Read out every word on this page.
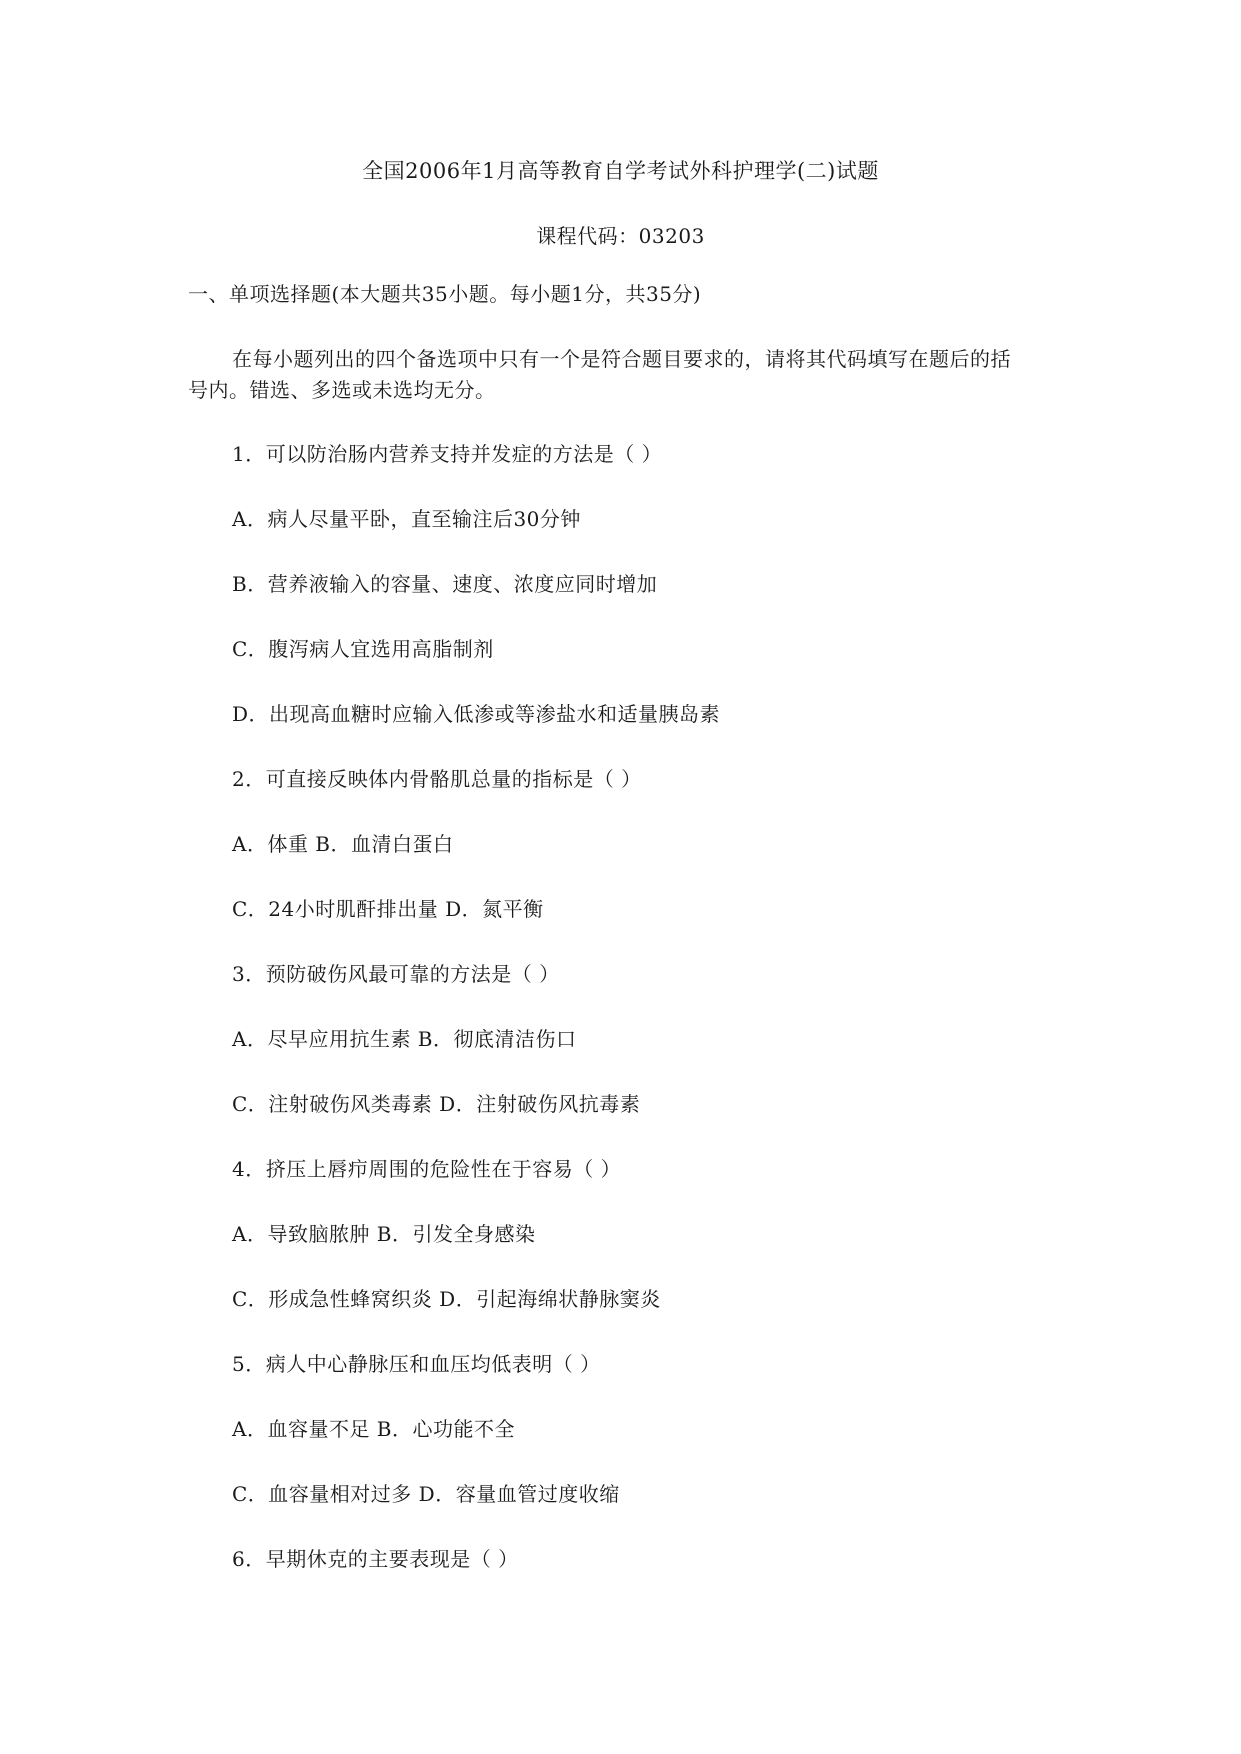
全国2006年1月高等教育自学考试外科护理学(二)试题
课程代码：03203
一、单项选择题(本大题共35小题。每小题1分，共35分)
在每小题列出的四个备选项中只有一个是符合题目要求的，请将其代码填写在题后的括
号内。错选、多选或未选均无分。
1．可以防治肠内营养支持并发症的方法是（ ）
A．病人尽量平卧，直至输注后30分钟
B．营养液输入的容量、速度、浓度应同时增加
C．腹泻病人宜选用高脂制剂
D．出现高血糖时应输入低渗或等渗盐水和适量胰岛素
2．可直接反映体内骨骼肌总量的指标是（ ）
A．体重 B．血清白蛋白
C．24小时肌酐排出量 D．氮平衡
3．预防破伤风最可靠的方法是（ ）
A．尽早应用抗生素 B．彻底清洁伤口
C．注射破伤风类毒素 D．注射破伤风抗毒素
4．挤压上唇疖周围的危险性在于容易（ ）
A．导致脑脓肿 B．引发全身感染
C．形成急性蜂窝织炎 D．引起海绵状静脉窦炎
5．病人中心静脉压和血压均低表明（ ）
A．血容量不足 B．心功能不全
C．血容量相对过多 D．容量血管过度收缩
6．早期休克的主要表现是（ ）
